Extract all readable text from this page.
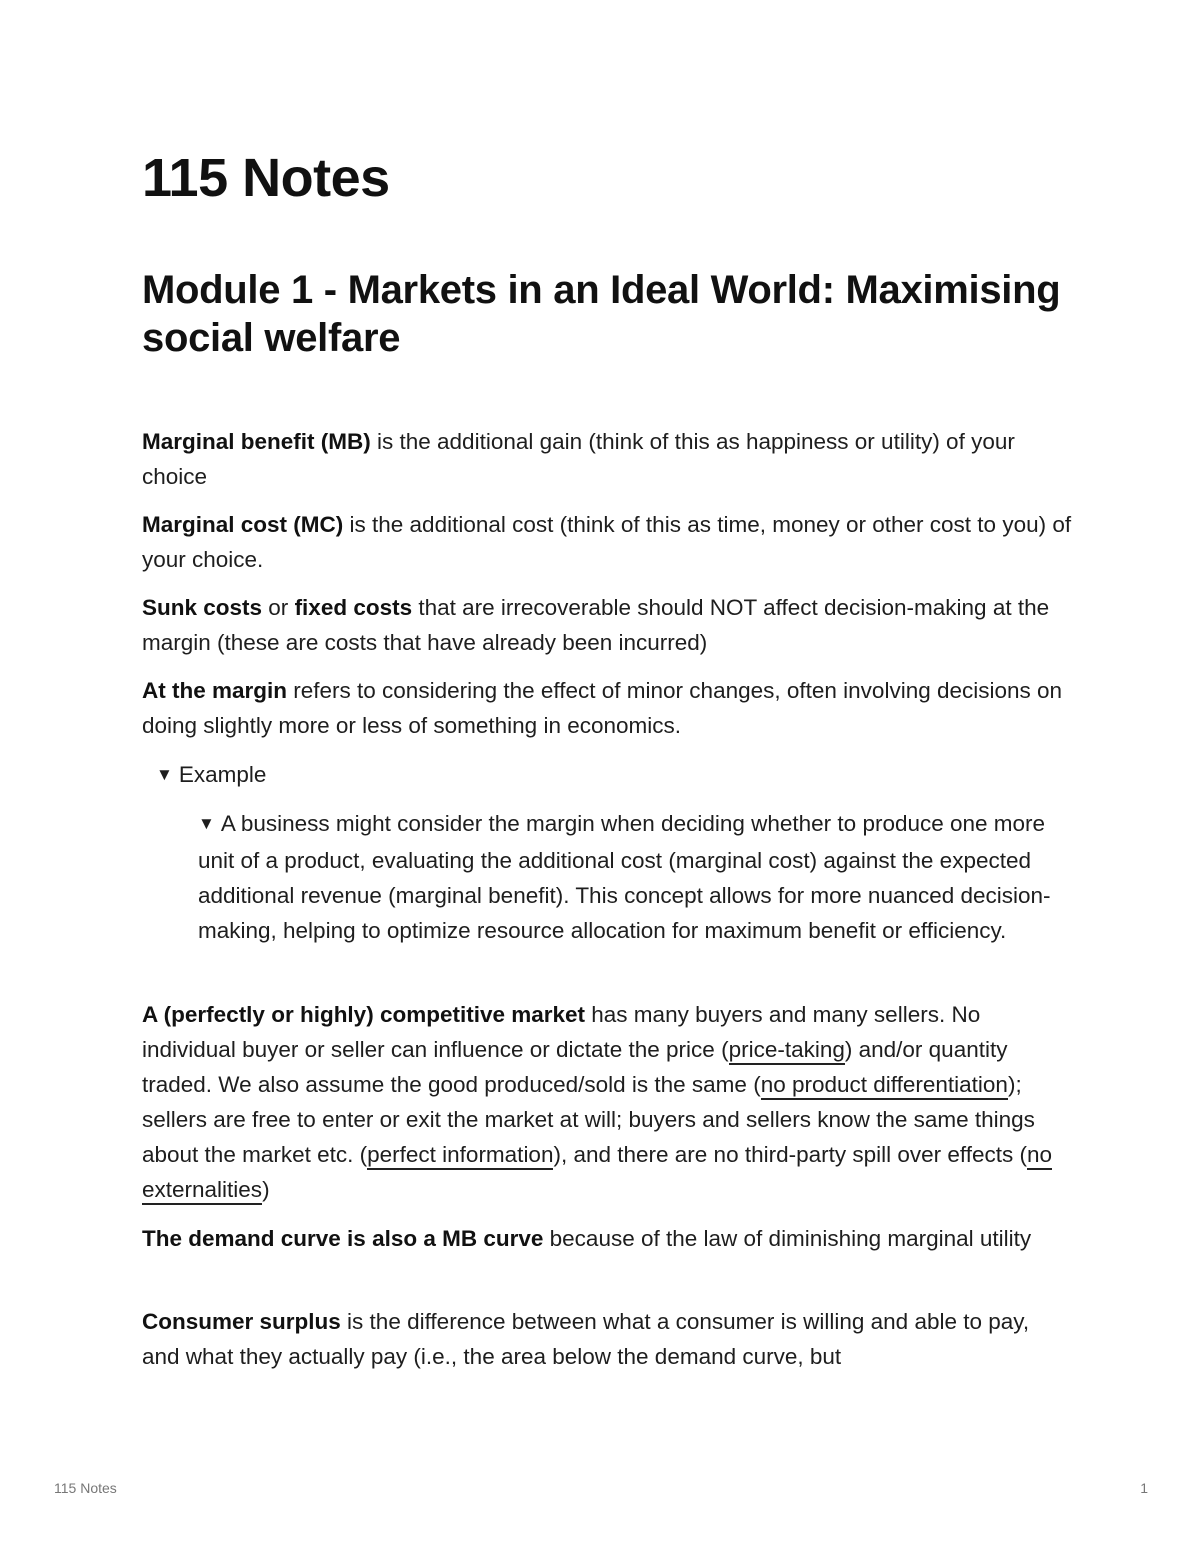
115 Notes
Module 1 - Markets in an Ideal World: Maximising social welfare

Marginal benefit (MB) is the additional gain (think of this as happiness or utility) of your choice

Marginal cost (MC) is the additional cost (think of this as time, money or other cost to you) of your choice.

Sunk costs or fixed costs that are irrecoverable should NOT affect decision-making at the margin (these are costs that have already been incurred)

At the margin refers to considering the effect of minor changes, often involving decisions on doing slightly more or less of something in economics.

▼ Example
▼ A business might consider the margin when deciding whether to produce one more unit of a product, evaluating the additional cost (marginal cost) against the expected additional revenue (marginal benefit). This concept allows for more nuanced decision-making, helping to optimize resource allocation for maximum benefit or efficiency.

A (perfectly or highly) competitive market has many buyers and many sellers. No individual buyer or seller can influence or dictate the price (price-taking) and/or quantity traded. We also assume the good produced/sold is the same (no product differentiation); sellers are free to enter or exit the market at will; buyers and sellers know the same things about the market etc. (perfect information), and there are no third-party spill over effects (no externalities)

The demand curve is also a MB curve because of the law of diminishing marginal utility

Consumer surplus is the difference between what a consumer is willing and able to pay, and what they actually pay (i.e., the area below the demand curve, but

115 Notes	1
